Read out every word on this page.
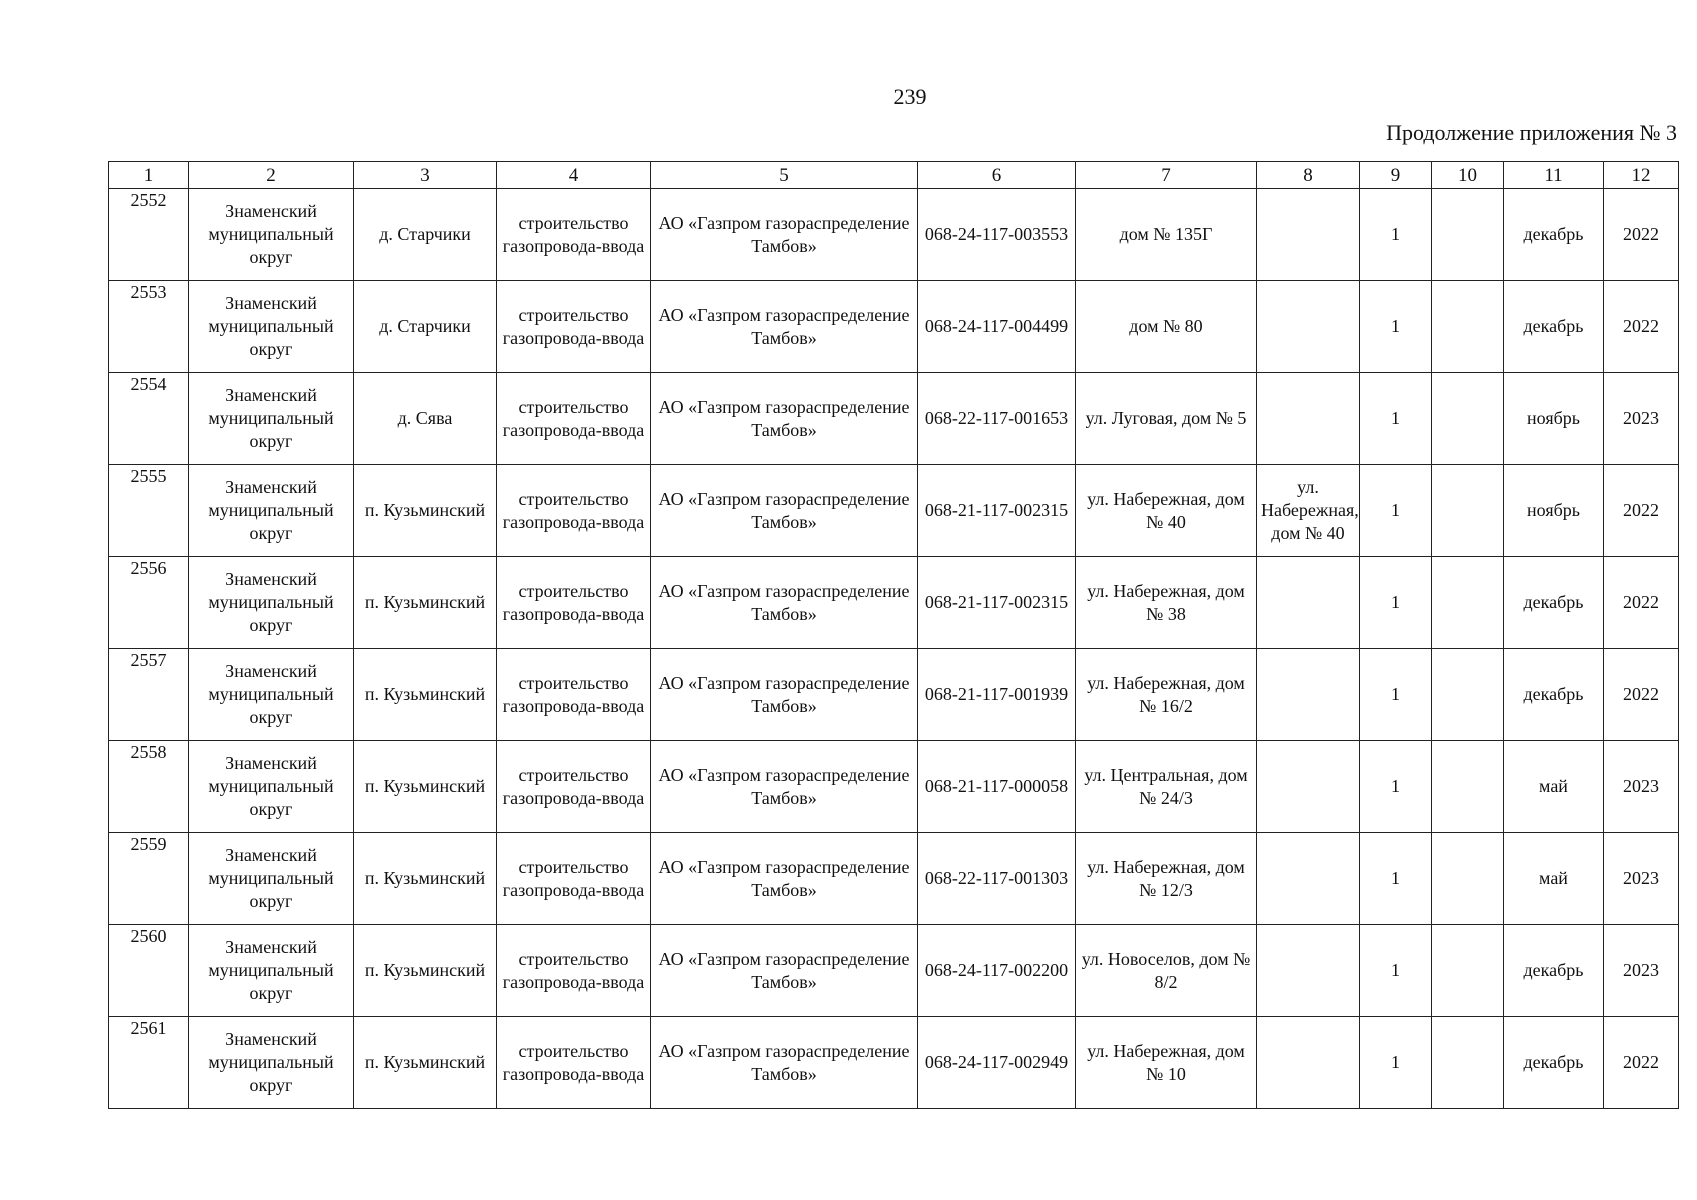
239
Продолжение приложения № 3
1	2	3	4	5	6	7	8	9	10	11	12
2552	Знаменский муниципальный округ	д. Старчики	строительство газопровода-ввода	АО «Газпром газораспределение Тамбов»	068-24-117-003553	дом № 135Г		1		декабрь	2022
2553	Знаменский муниципальный округ	д. Старчики	строительство газопровода-ввода	АО «Газпром газораспределение Тамбов»	068-24-117-004499	дом № 80		1		декабрь	2022
2554	Знаменский муниципальный округ	д. Сява	строительство газопровода-ввода	АО «Газпром газораспределение Тамбов»	068-22-117-001653	ул. Луговая, дом № 5		1		ноябрь	2023
2555	Знаменский муниципальный округ	п. Кузьминский	строительство газопровода-ввода	АО «Газпром газораспределение Тамбов»	068-21-117-002315	ул. Набережная, дом № 40	ул. Набережная, дом № 40	1		ноябрь	2022
2556	Знаменский муниципальный округ	п. Кузьминский	строительство газопровода-ввода	АО «Газпром газораспределение Тамбов»	068-21-117-002315	ул. Набережная, дом № 38		1		декабрь	2022
2557	Знаменский муниципальный округ	п. Кузьминский	строительство газопровода-ввода	АО «Газпром газораспределение Тамбов»	068-21-117-001939	ул. Набережная, дом № 16/2		1		декабрь	2022
2558	Знаменский муниципальный округ	п. Кузьминский	строительство газопровода-ввода	АО «Газпром газораспределение Тамбов»	068-21-117-000058	ул. Центральная, дом № 24/3		1		май	2023
2559	Знаменский муниципальный округ	п. Кузьминский	строительство газопровода-ввода	АО «Газпром газораспределение Тамбов»	068-22-117-001303	ул. Набережная, дом № 12/3		1		май	2023
2560	Знаменский муниципальный округ	п. Кузьминский	строительство газопровода-ввода	АО «Газпром газораспределение Тамбов»	068-24-117-002200	ул. Новоселов, дом № 8/2		1		декабрь	2023
2561	Знаменский муниципальный округ	п. Кузьминский	строительство газопровода-ввода	АО «Газпром газораспределение Тамбов»	068-24-117-002949	ул. Набережная, дом № 10		1		декабрь	2022
